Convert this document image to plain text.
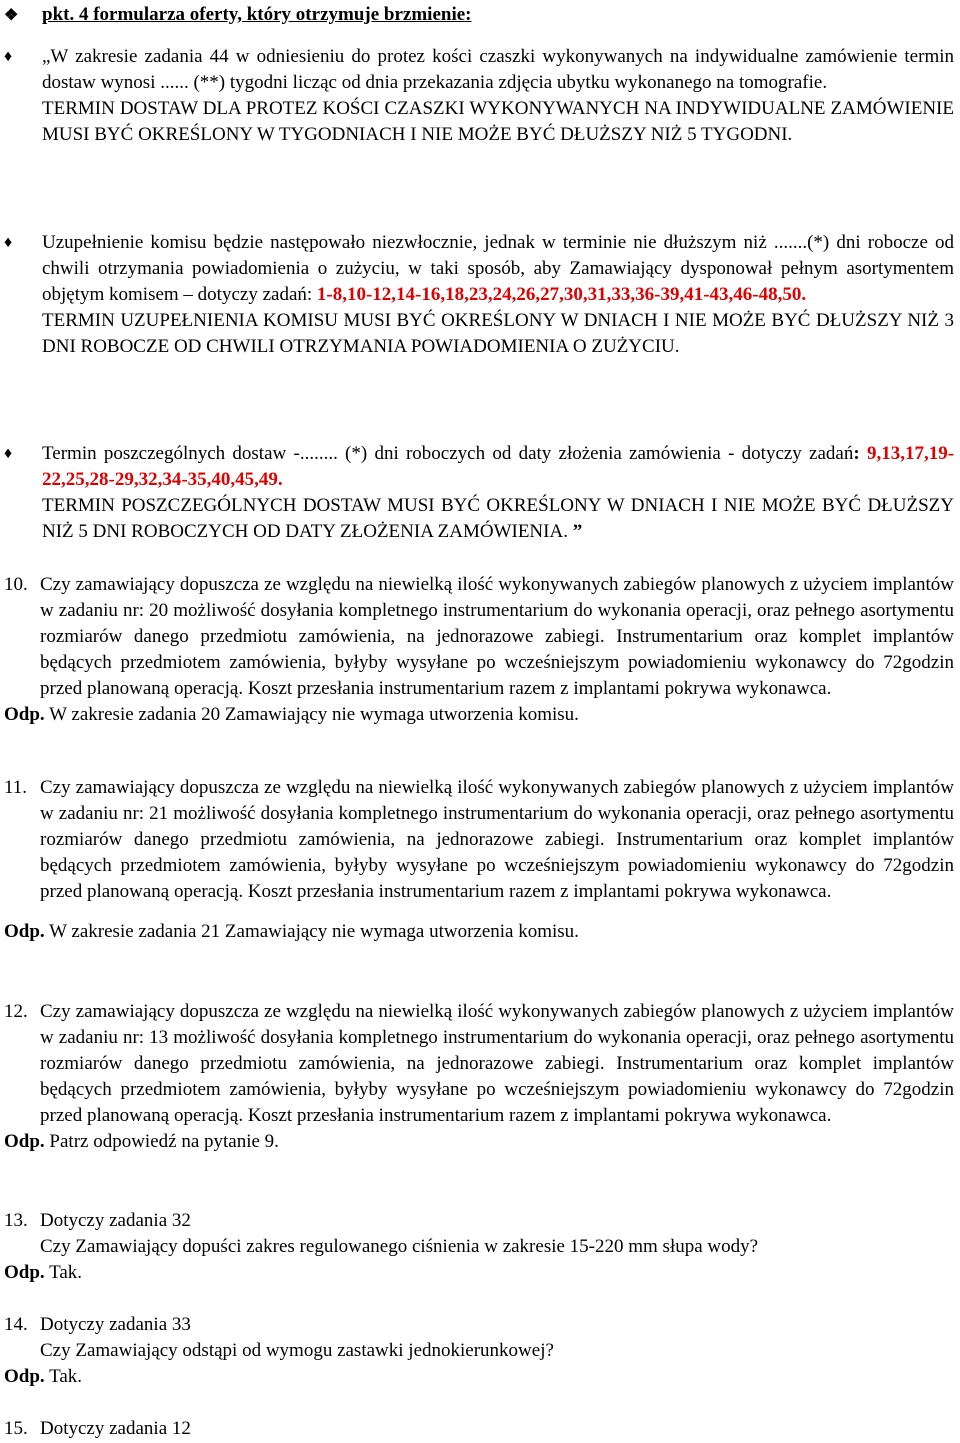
❖ pkt. 4 formularza oferty, który otrzymuje brzmienie:
♦	„W zakresie zadania 44 w odniesieniu do protez kości czaszki wykonywanych na indywidualne zamówienie termin dostaw wynosi ...... (**) tygodni licząc od dnia przekazania zdjęcia ubytku wykonanego na tomografie.

TERMIN DOSTAW DLA PROTEZ KOŚCI CZASZKI WYKONYWANYCH NA INDYWIDUALNE ZAMÓWIENIE MUSI BYĆ OKREŚLONY W TYGODNIACH I NIE MOŻE BYĆ DŁUŻSZY NIŻ 5 TYGODNI.

♦	Uzupełnienie komisu będzie następowało niezwłocznie, jednak w terminie nie dłuższym niż .......(*) dni robocze od chwili otrzymania powiadomienia o zużyciu, w taki sposób, aby Zamawiający dysponował pełnym asortymentem objętym komisem – dotyczy zadań: 1-8,10-12,14-16,18,23,24,26,27,30,31,33,36-39,41-43,46-48,50.

TERMIN UZUPEŁNIENIA KOMISU MUSI BYĆ OKREŚLONY W DNIACH I NIE MOŻE BYĆ DŁUŻSZY NIŻ 3 DNI ROBOCZE OD CHWILI OTRZYMANIA POWIADOMIENIA O ZUŻYCIU.

♦	Termin poszczególnych dostaw -........ (*) dni roboczych od daty złożenia zamówienia - dotyczy zadań: 9,13,17,19-22,25,28-29,32,34-35,40,45,49.

TERMIN POSZCZEGÓLNYCH DOSTAW MUSI BYĆ OKREŚLONY W DNIACH I NIE MOŻE BYĆ DŁUŻSZY NIŻ 5 DNI ROBOCZYCH OD DATY ZŁOŻENIA ZAMÓWIENIA. ”

10. Czy zamawiający dopuszcza ze względu na niewielką ilość wykonywanych zabiegów planowych z użyciem implantów w zadaniu nr: 20 możliwość dosyłania kompletnego instrumentarium do wykonania operacji, oraz pełnego asortymentu rozmiarów danego przedmiotu zamówienia, na jednorazowe zabiegi. Instrumentarium oraz komplet implantów będących przedmiotem zamówienia, byłyby wysyłane po wcześniejszym powiadomieniu wykonawcy do 72godzin przed planowaną operacją. Koszt przesłania instrumentarium razem z implantami pokrywa wykonawca.

Odp. W zakresie zadania 20 Zamawiający nie wymaga utworzenia komisu.

11. Czy zamawiający dopuszcza ze względu na niewielką ilość wykonywanych zabiegów planowych z użyciem implantów w zadaniu nr: 21 możliwość dosyłania kompletnego instrumentarium do wykonania operacji, oraz pełnego asortymentu rozmiarów danego przedmiotu zamówienia, na jednorazowe zabiegi. Instrumentarium oraz komplet implantów będących przedmiotem zamówienia, byłyby wysyłane po wcześniejszym powiadomieniu wykonawcy do 72godzin przed planowaną operacją. Koszt przesłania instrumentarium razem z implantami pokrywa wykonawca.

Odp. W zakresie zadania 21 Zamawiający nie wymaga utworzenia komisu.

12. Czy zamawiający dopuszcza ze względu na niewielką ilość wykonywanych zabiegów planowych z użyciem implantów w zadaniu nr: 13 możliwość dosyłania kompletnego instrumentarium do wykonania operacji, oraz pełnego asortymentu rozmiarów danego przedmiotu zamówienia, na jednorazowe zabiegi. Instrumentarium oraz komplet implantów będących przedmiotem zamówienia, byłyby wysyłane po wcześniejszym powiadomieniu wykonawcy do 72godzin przed planowaną operacją. Koszt przesłania instrumentarium razem z implantami pokrywa wykonawca.

Odp. Patrz odpowiedź na pytanie 9.

13. Dotyczy zadania 32

Czy Zamawiający dopuści zakres regulowanego ciśnienia w zakresie 15-220 mm słupa wody?

Odp. Tak.

14. Dotyczy zadania 33

Czy Zamawiający odstąpi od wymogu zastawki jednokierunkowej?

Odp. Tak.

15. Dotyczy zadania 12
